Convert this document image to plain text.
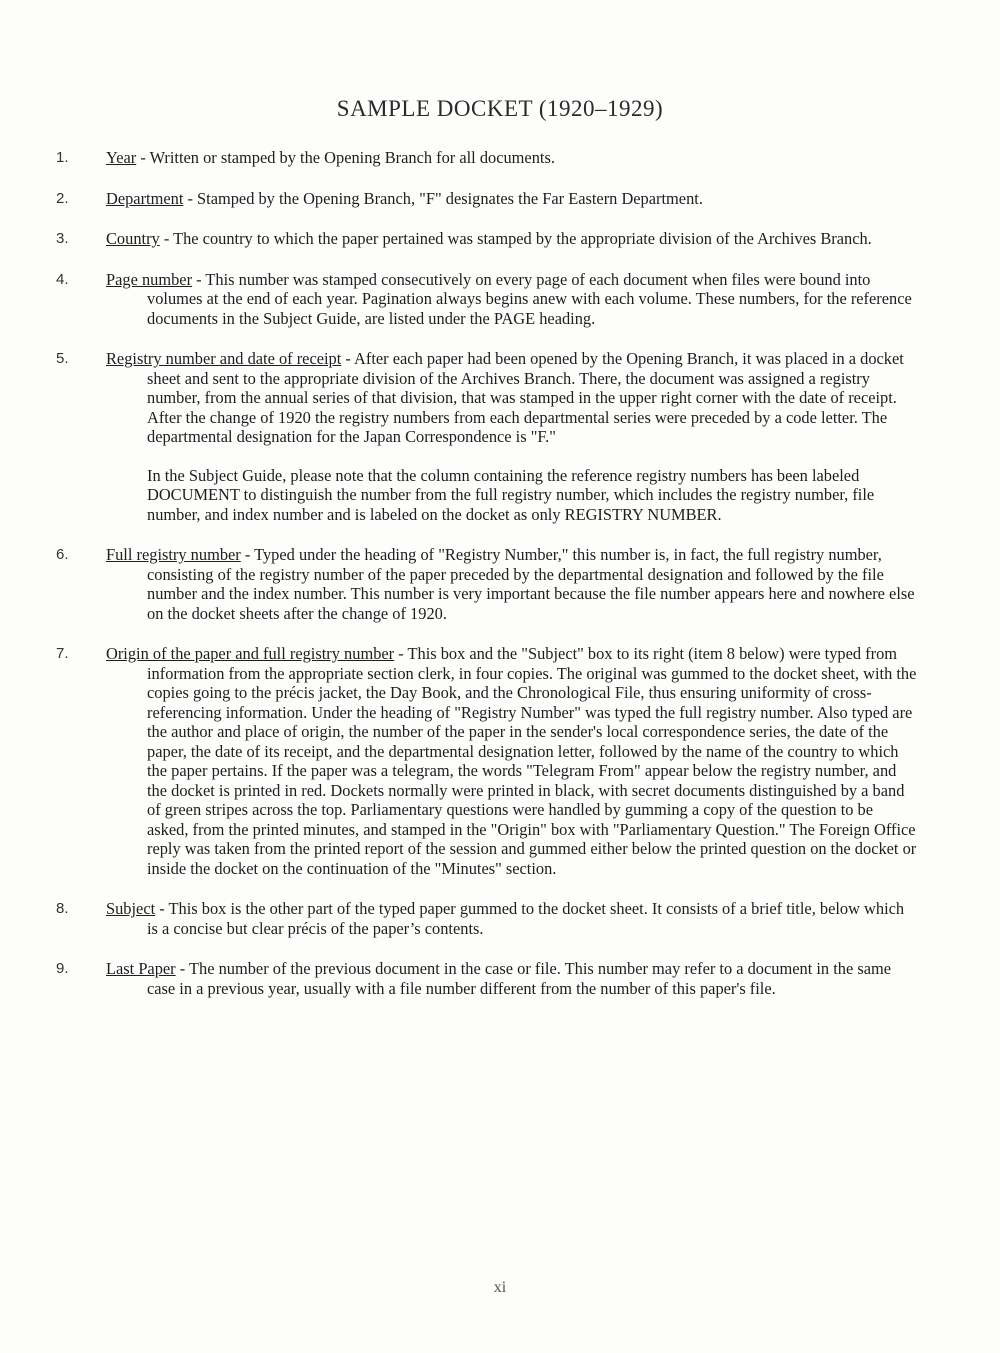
SAMPLE DOCKET (1920–1929)
1.	Year - Written or stamped by the Opening Branch for all documents.
2.	Department - Stamped by the Opening Branch, "F" designates the Far Eastern Department.
3.	Country - The country to which the paper pertained was stamped by the appropriate division of the Archives Branch.
4.	Page number - This number was stamped consecutively on every page of each document when files were bound into volumes at the end of each year. Pagination always begins anew with each volume. These numbers, for the reference documents in the Subject Guide, are listed under the PAGE heading.
5.	Registry number and date of receipt - After each paper had been opened by the Opening Branch, it was placed in a docket sheet and sent to the appropriate division of the Archives Branch. There, the document was assigned a registry number, from the annual series of that division, that was stamped in the upper right corner with the date of receipt. After the change of 1920 the registry numbers from each departmental series were preceded by a code letter. The departmental designation for the Japan Correspondence is "F."
In the Subject Guide, please note that the column containing the reference registry numbers has been labeled DOCUMENT to distinguish the number from the full registry number, which includes the registry number, file number, and index number and is labeled on the docket as only REGISTRY NUMBER.
6.	Full registry number - Typed under the heading of "Registry Number," this number is, in fact, the full registry number, consisting of the registry number of the paper preceded by the departmental designation and followed by the file number and the index number. This number is very important because the file number appears here and nowhere else on the docket sheets after the change of 1920.
7.	Origin of the paper and full registry number - This box and the "Subject" box to its right (item 8 below) were typed from information from the appropriate section clerk, in four copies. The original was gummed to the docket sheet, with the copies going to the précis jacket, the Day Book, and the Chronological File, thus ensuring uniformity of cross-referencing information. Under the heading of "Registry Number" was typed the full registry number. Also typed are the author and place of origin, the number of the paper in the sender's local correspondence series, the date of the paper, the date of its receipt, and the departmental designation letter, followed by the name of the country to which the paper pertains. If the paper was a telegram, the words "Telegram From" appear below the registry number, and the docket is printed in red. Dockets normally were printed in black, with secret documents distinguished by a band of green stripes across the top. Parliamentary questions were handled by gumming a copy of the question to be asked, from the printed minutes, and stamped in the "Origin" box with "Parliamentary Question." The Foreign Office reply was taken from the printed report of the session and gummed either below the printed question on the docket or inside the docket on the continuation of the "Minutes" section.
8.	Subject - This box is the other part of the typed paper gummed to the docket sheet. It consists of a brief title, below which is a concise but clear précis of the paper’s contents.
9.	Last Paper - The number of the previous document in the case or file. This number may refer to a document in the same case in a previous year, usually with a file number different from the number of this paper's file.
xi
